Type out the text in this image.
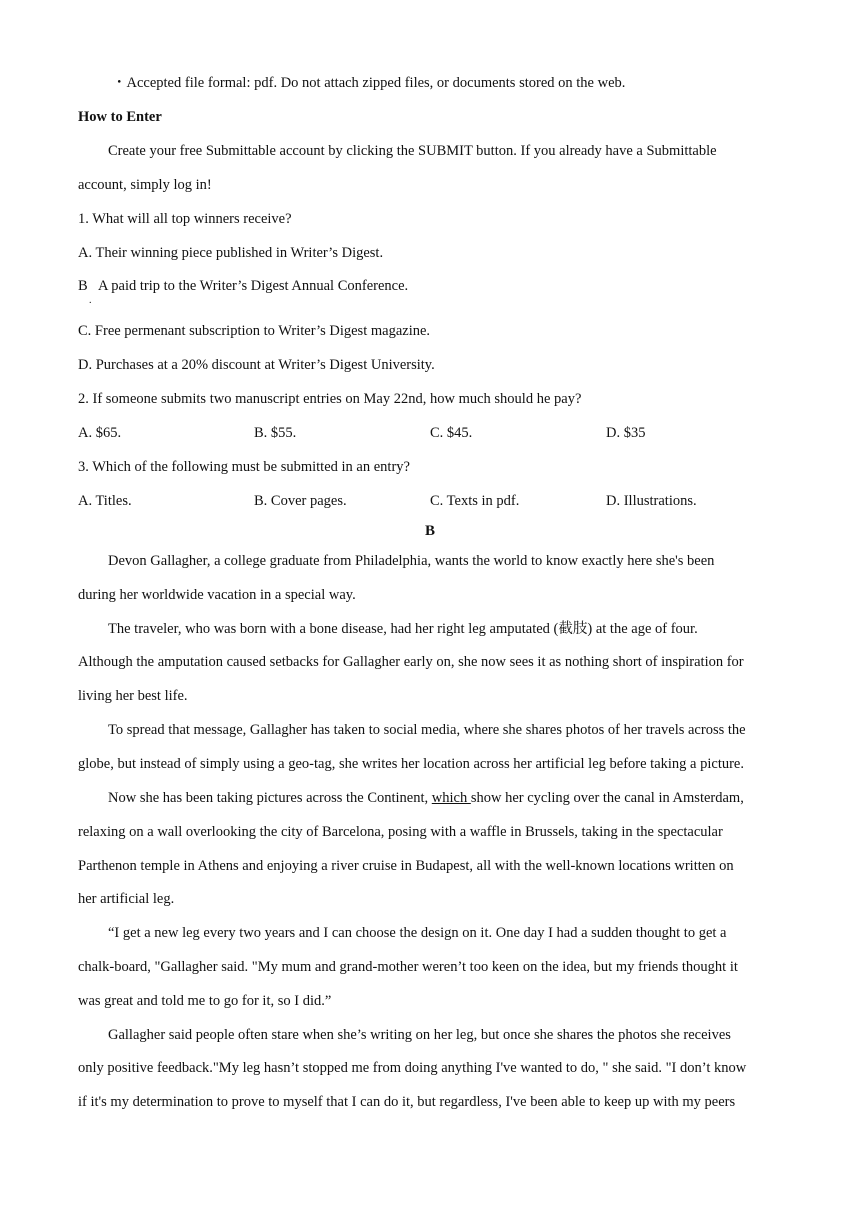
・Accepted file formal: pdf. Do not attach zipped files, or documents stored on the web.
How to Enter
Create your free Submittable account by clicking the SUBMIT button. If you already have a Submittable
account, simply log in!
1. What will all top winners receive?
A. Their winning piece published in Writer’s Digest.
B
.
A paid trip to the Writer’s Digest Annual Conference.
C. Free permenant subscription to Writer’s Digest magazine.
D. Purchases at a 20% discount at Writer’s Digest University.
2. If someone submits two manuscript entries on May 22nd, how much should he pay?
A. $65.	B. $55.	C. $45.	D. $35
3. Which of the following must be submitted in an entry?
A. Titles.	B. Cover pages.	C. Texts in pdf.	D. Illustrations.
B
Devon Gallagher, a college graduate from Philadelphia, wants the world to know exactly here she's been
during her worldwide vacation in a special way.
The traveler, who was born with a bone disease, had her right leg amputated (截肢) at the age of four.
Although the amputation caused setbacks for Gallagher early on, she now sees it as nothing short of inspiration for
living her best life.
To spread that message, Gallagher has taken to social media, where she shares photos of her travels across the
globe, but instead of simply using a geo-tag, she writes her location across her artificial leg before taking a picture.
Now she has been taking pictures across the Continent, which show her cycling over the canal in Amsterdam,
relaxing on a wall overlooking the city of Barcelona, posing with a waffle in Brussels, taking in the spectacular
Parthenon temple in Athens and enjoying a river cruise in Budapest, all with the well-known locations written on
her artificial leg.
“I get a new leg every two years and I can choose the design on it. One day I had a sudden thought to get a
chalk-board, "Gallagher said. "My mum and grand-mother weren’t too keen on the idea, but my friends thought it
was great and told me to go for it, so I did.”
Gallagher said people often stare when she’s writing on her leg, but once she shares the photos she receives
only positive feedback."My leg hasn’t stopped me from doing anything I've wanted to do, " she said. "I don’t know
if it's my determination to prove to myself that I can do it, but regardless, I've been able to keep up with my peers
